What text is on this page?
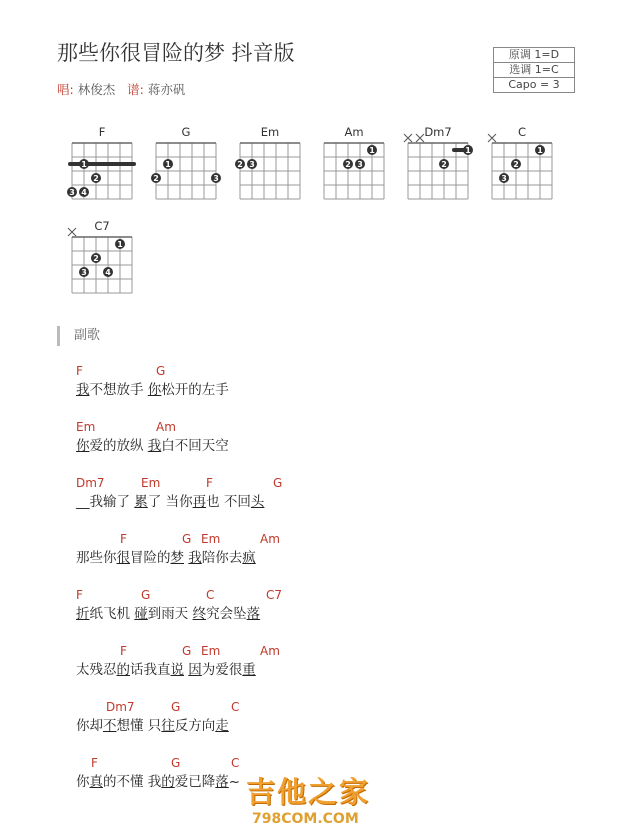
那些你很冒险的梦 抖音版
唱: 林俊杰 谱: 蒋亦矾
原调 1=D
选调 1=C
Capo = 3
F
1
2
3 4
G
1
2	3
Em
2 3
Am
1
2 3
Dm7
1
2
C
1
2
3
C7
1
2
3 4
副歌
F	G
我不想放手 你松开的左手
Em	Am
你爱的放纵 我白不回天空
Dm7	Em	F	G
__我输了 累了 当你再也 不回头
F	G Em	Am
那些你很冒险的梦 我陪你去疯
F	G	C	C7
折纸飞机 碰到雨天 终究会坠落
F	G Em	Am
太残忍的话我直说 因为爱很重
Dm7	G	C
你却不想懂 只往反方向走
F	G	C
你真的不懂 我的爱已降落~ 吉他之家
798COM.COM
